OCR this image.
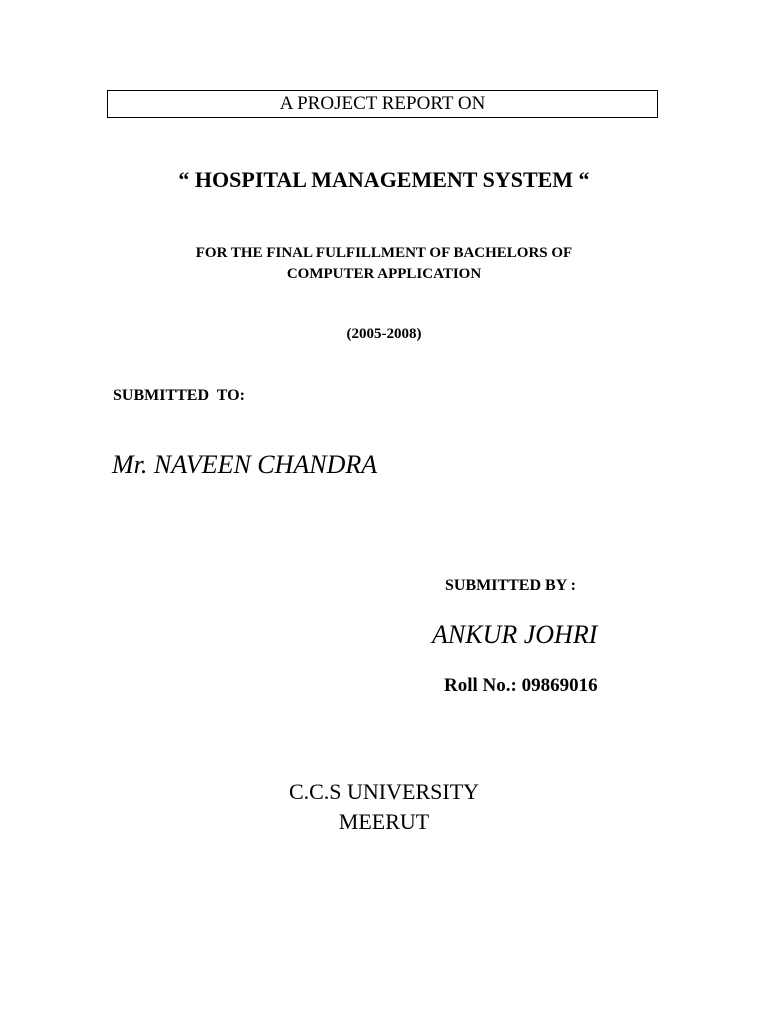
A PROJECT REPORT ON
“ HOSPITAL MANAGEMENT SYSTEM “
FOR THE FINAL FULFILLMENT OF BACHELORS OF
COMPUTER APPLICATION
(2005-2008)
SUBMITTED  TO:
Mr. NAVEEN CHANDRA
SUBMITTED BY :
ANKUR JOHRI
Roll No.: 09869016
C.C.S UNIVERSITY
MEERUT
